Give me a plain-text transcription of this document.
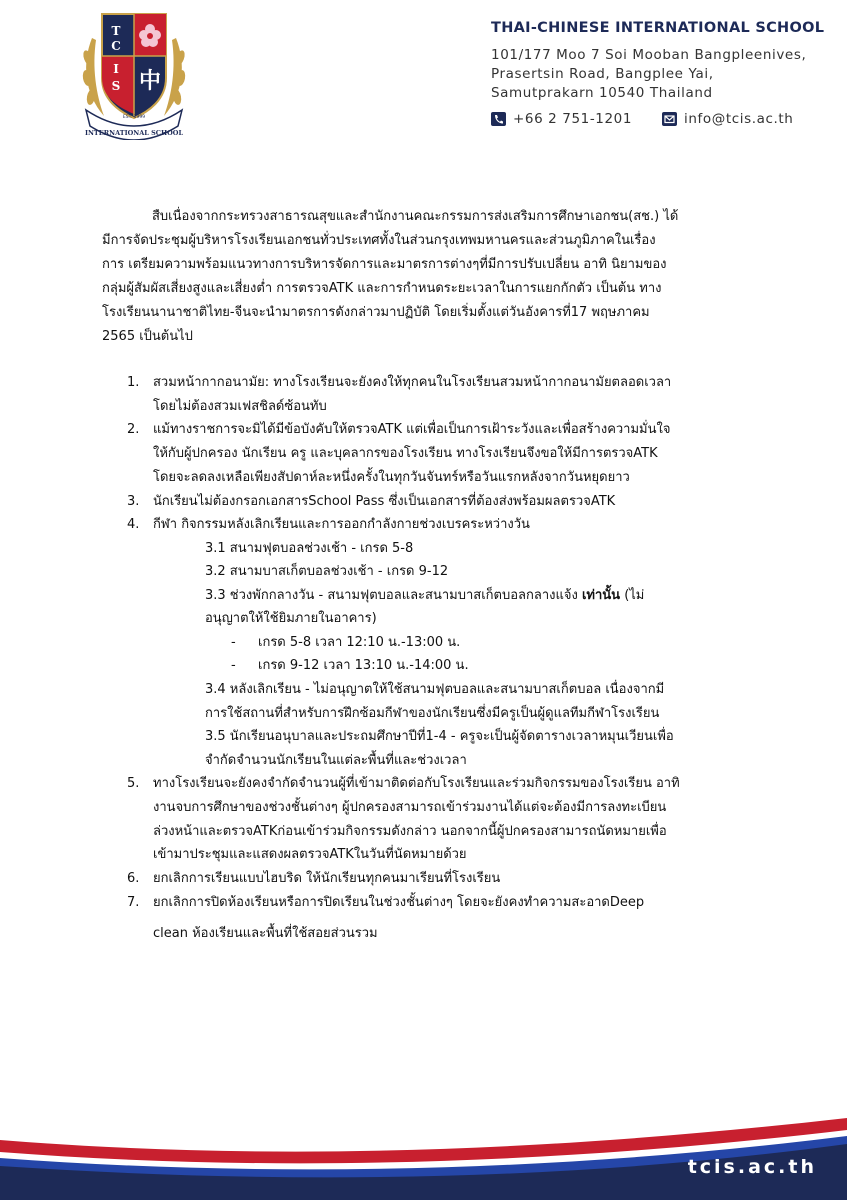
INTERNATIONAL SCHOOL
EST. 1999
T
C
I
S 中
THAI-CHINESE INTERNATIONAL SCHOOL
101/177 Moo 7 Soi Mooban Bangpleenives,
Prasertsin Road, Bangplee Yai,
Samutprakarn 10540 Thailand
+66 2 751-1201	info@tcis.ac.th
สืบเนื่องจากกระทรวงสาธารณสุขและสำนักงานคณะกรรมการส่งเสริมการศึกษาเอกชน(สช.) ได้
มีการจัดประชุมผู้บริหารโรงเรียนเอกชนทั่วประเทศทั้งในส่วนกรุงเทพมหานครและส่วนภูมิภาคในเรื่อง
การ เตรียมความพร้อมแนวทางการบริหารจัดการและมาตรการต่างๆที่มีการปรับเปลี่ยน อาทิ นิยามของ
กลุ่มผู้สัมผัสเสี่ยงสูงและเสี่ยงต่ำ การตรวจATK และการกำหนดระยะเวลาในการแยกกักตัว เป็นต้น ทาง
โรงเรียนนานาชาติไทย-จีนจะนำมาตรการดังกล่าวมาปฏิบัติ โดยเริ่มตั้งแต่วันอังคารที่17 พฤษภาคม
2565 เป็นต้นไป
1. สวมหน้ากากอนามัย: ทางโรงเรียนจะยังคงให้ทุกคนในโรงเรียนสวมหน้ากากอนามัยตลอดเวลา
โดยไม่ต้องสวมเฟสชิลด์ซ้อนทับ
2. แม้ทางราชการจะมิได้มีข้อบังคับให้ตรวจATK แต่เพื่อเป็นการเฝ้าระวังและเพื่อสร้างความมั่นใจ
ให้กับผู้ปกครอง นักเรียน ครู และบุคลากรของโรงเรียน ทางโรงเรียนจึงขอให้มีการตรวจATK
โดยจะลดลงเหลือเพียงสัปดาห์ละหนึ่งครั้งในทุกวันจันทร์หรือวันแรกหลังจากวันหยุดยาว
3. นักเรียนไม่ต้องกรอกเอกสารSchool Pass ซึ่งเป็นเอกสารที่ต้องส่งพร้อมผลตรวจATK
4. กีฬา กิจกรรมหลังเลิกเรียนและการออกกำลังกายช่วงเบรคระหว่างวัน
3.1 สนามฟุตบอลช่วงเช้า - เกรด 5-8
3.2 สนามบาสเก็ตบอลช่วงเช้า - เกรด 9-12
3.3 ช่วงพักกลางวัน - สนามฟุตบอลและสนามบาสเก็ตบอลกลางแจ้ง เท่านั้น (ไม่
อนุญาตให้ใช้ยิมภายในอาคาร)
- เกรด 5-8 เวลา 12:10 น.-13:00 น.
- เกรด 9-12 เวลา 13:10 น.-14:00 น.
3.4 หลังเลิกเรียน - ไม่อนุญาตให้ใช้สนามฟุตบอลและสนามบาสเก็ตบอล เนื่องจากมี
การใช้สถานที่สำหรับการฝึกซ้อมกีฬาของนักเรียนซึ่งมีครูเป็นผู้ดูแลทีมกีฬาโรงเรียน
3.5 นักเรียนอนุบาลและประถมศึกษาปีที่1-4 - ครูจะเป็นผู้จัดตารางเวลาหมุนเวียนเพื่อ
จำกัดจำนวนนักเรียนในแต่ละพื้นที่และช่วงเวลา
5. ทางโรงเรียนจะยังคงจำกัดจำนวนผู้ที่เข้ามาติดต่อกับโรงเรียนและร่วมกิจกรรมของโรงเรียน อาทิ
งานจบการศึกษาของช่วงชั้นต่างๆ ผู้ปกครองสามารถเข้าร่วมงานได้แต่จะต้องมีการลงทะเบียน
ล่วงหน้าและตรวจATKก่อนเข้าร่วมกิจกรรมดังกล่าว นอกจากนี้ผู้ปกครองสามารถนัดหมายเพื่อ
เข้ามาประชุมและแสดงผลตรวจATKในวันที่นัดหมายด้วย
6. ยกเลิกการเรียนแบบไฮบริด ให้นักเรียนทุกคนมาเรียนที่โรงเรียน
7. ยกเลิกการปิดห้องเรียนหรือการปิดเรียนในช่วงชั้นต่างๆ โดยจะยังคงทำความสะอาดDeep
clean ห้องเรียนและพื้นที่ใช้สอยส่วนรวม
tcis.ac.th
